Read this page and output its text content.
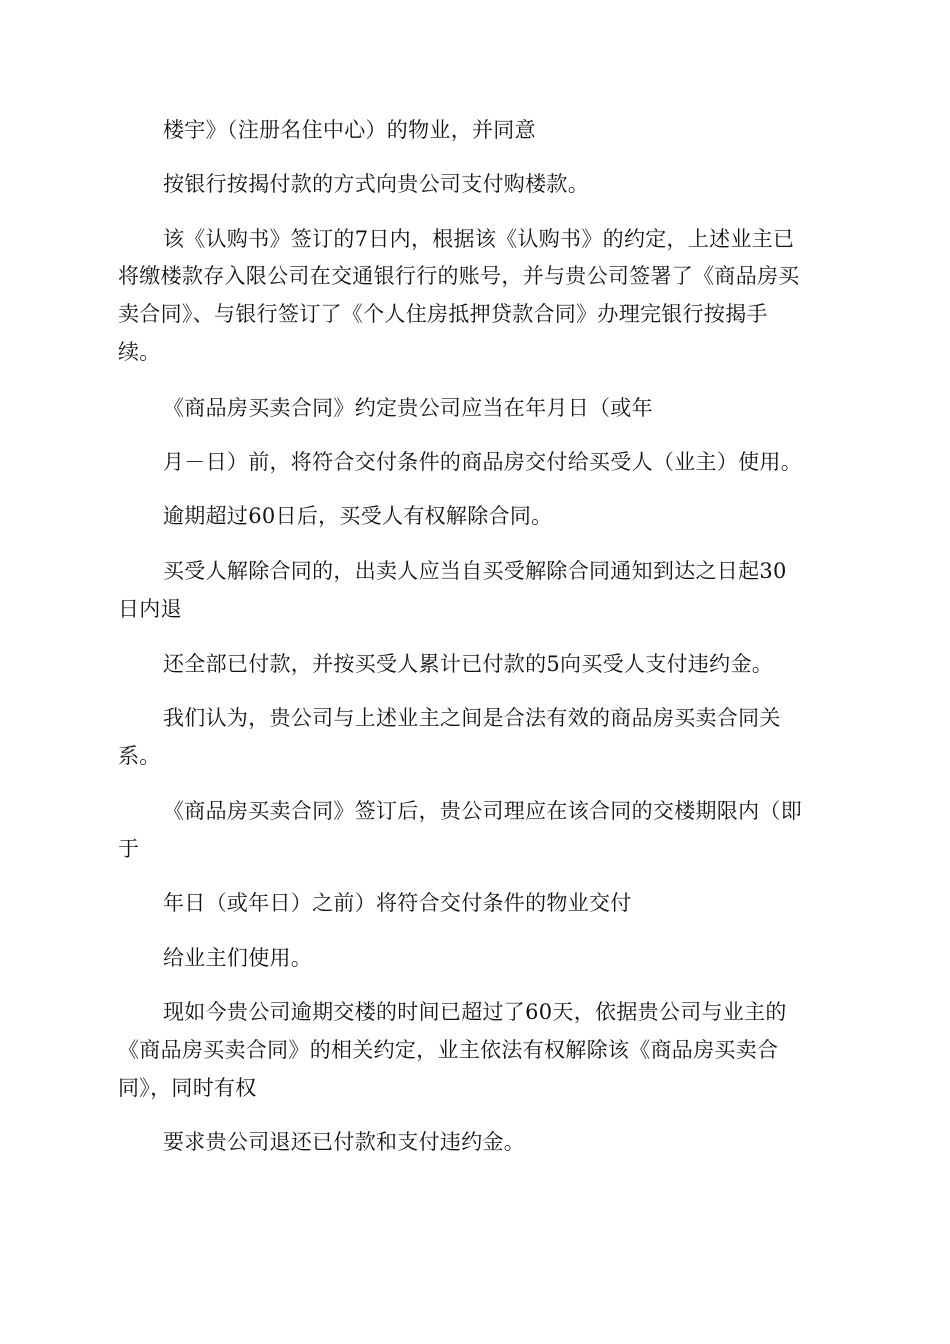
楼宇》（注册名住中心）的物业，并同意
按银行按揭付款的方式向贵公司支付购楼款。
该《认购书》签订的7日内，根据该《认购书》的约定，上述业主已
将缴楼款存入限公司在交通银行行的账号，并与贵公司签署了《商品房买
卖合同》、与银行签订了《个人住房抵押贷款合同》办理完银行按揭手
续。
《商品房买卖合同》约定贵公司应当在年月日（或年
月－日）前，将符合交付条件的商品房交付给买受人（业主）使用。
逾期超过60日后，买受人有权解除合同。
买受人解除合同的，出卖人应当自买受解除合同通知到达之日起30
日内退
还全部已付款，并按买受人累计已付款的5向买受人支付违约金。
我们认为，贵公司与上述业主之间是合法有效的商品房买卖合同关
系。
《商品房买卖合同》签订后，贵公司理应在该合同的交楼期限内（即
于
年日（或年日）之前）将符合交付条件的物业交付
给业主们使用。
现如今贵公司逾期交楼的时间已超过了60天，依据贵公司与业主的
《商品房买卖合同》的相关约定，业主依法有权解除该《商品房买卖合
同》，同时有权
要求贵公司退还已付款和支付违约金。
